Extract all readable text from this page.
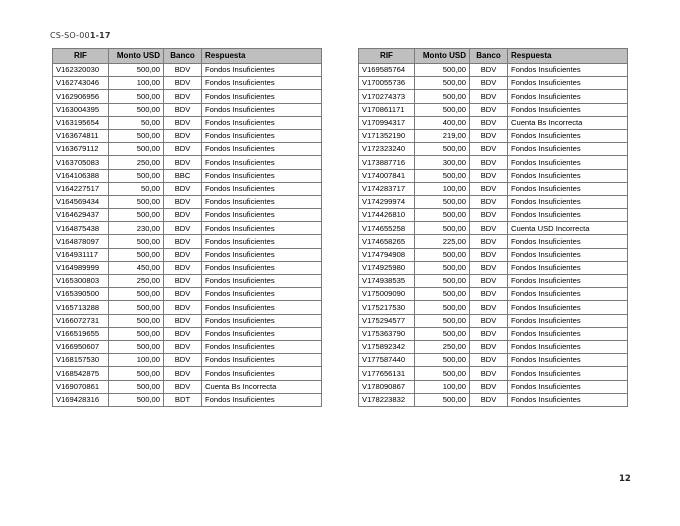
CS-SO-001-17
RIF	Monto USD	Banco	Respuesta
V162320030	500,00	BDV	Fondos Insuficientes
V162743046	100,00	BDV	Fondos Insuficientes
V162906956	500,00	BDV	Fondos Insuficientes
V163004395	500,00	BDV	Fondos Insuficientes
V163195654	50,00	BDV	Fondos Insuficientes
V163674811	500,00	BDV	Fondos Insuficientes
V163679112	500,00	BDV	Fondos Insuficientes
V163705083	250,00	BDV	Fondos Insuficientes
V164106388	500,00	BBC	Fondos Insuficientes
V164227517	50,00	BDV	Fondos Insuficientes
V164569434	500,00	BDV	Fondos Insuficientes
V164629437	500,00	BDV	Fondos Insuficientes
V164875438	230,00	BDV	Fondos Insuficientes
V164878097	500,00	BDV	Fondos Insuficientes
V164931117	500,00	BDV	Fondos Insuficientes
V164989999	450,00	BDV	Fondos Insuficientes
V165300803	250,00	BDV	Fondos Insuficientes
V165390500	500,00	BDV	Fondos Insuficientes
V165713288	500,00	BDV	Fondos Insuficientes
V166072731	500,00	BDV	Fondos Insuficientes
V166519655	500,00	BDV	Fondos Insuficientes
V166950607	500,00	BDV	Fondos Insuficientes
V168157530	100,00	BDV	Fondos Insuficientes
V168542875	500,00	BDV	Fondos Insuficientes
V169070861	500,00	BDV	Cuenta Bs Incorrecta
V169428316	500,00	BDT	Fondos Insuficientes
RIF	Monto USD	Banco	Respuesta
V169585764	500,00	BDV	Fondos Insuficientes
V170055736	500,00	BDV	Fondos Insuficientes
V170274373	500,00	BDV	Fondos Insuficientes
V170861171	500,00	BDV	Fondos Insuficientes
V170994317	400,00	BDV	Cuenta Bs Incorrecta
V171352190	219,00	BDV	Fondos Insuficientes
V172323240	500,00	BDV	Fondos Insuficientes
V173887716	300,00	BDV	Fondos Insuficientes
V174007841	500,00	BDV	Fondos Insuficientes
V174283717	100,00	BDV	Fondos Insuficientes
V174299974	500,00	BDV	Fondos Insuficientes
V174426810	500,00	BDV	Fondos Insuficientes
V174655258	500,00	BDV	Cuenta USD Incorrecta
V174658265	225,00	BDV	Fondos Insuficientes
V174794908	500,00	BDV	Fondos Insuficientes
V174925980	500,00	BDV	Fondos Insuficientes
V174938535	500,00	BDV	Fondos Insuficientes
V175009090	500,00	BDV	Fondos Insuficientes
V175217530	500,00	BDV	Fondos Insuficientes
V175294577	500,00	BDV	Fondos Insuficientes
V175363790	500,00	BDV	Fondos Insuficientes
V175892342	250,00	BDV	Fondos Insuficientes
V177587440	500,00	BDV	Fondos Insuficientes
V177656131	500,00	BDV	Fondos Insuficientes
V178090867	100,00	BDV	Fondos Insuficientes
V178223832	500,00	BDV	Fondos Insuficientes
12
